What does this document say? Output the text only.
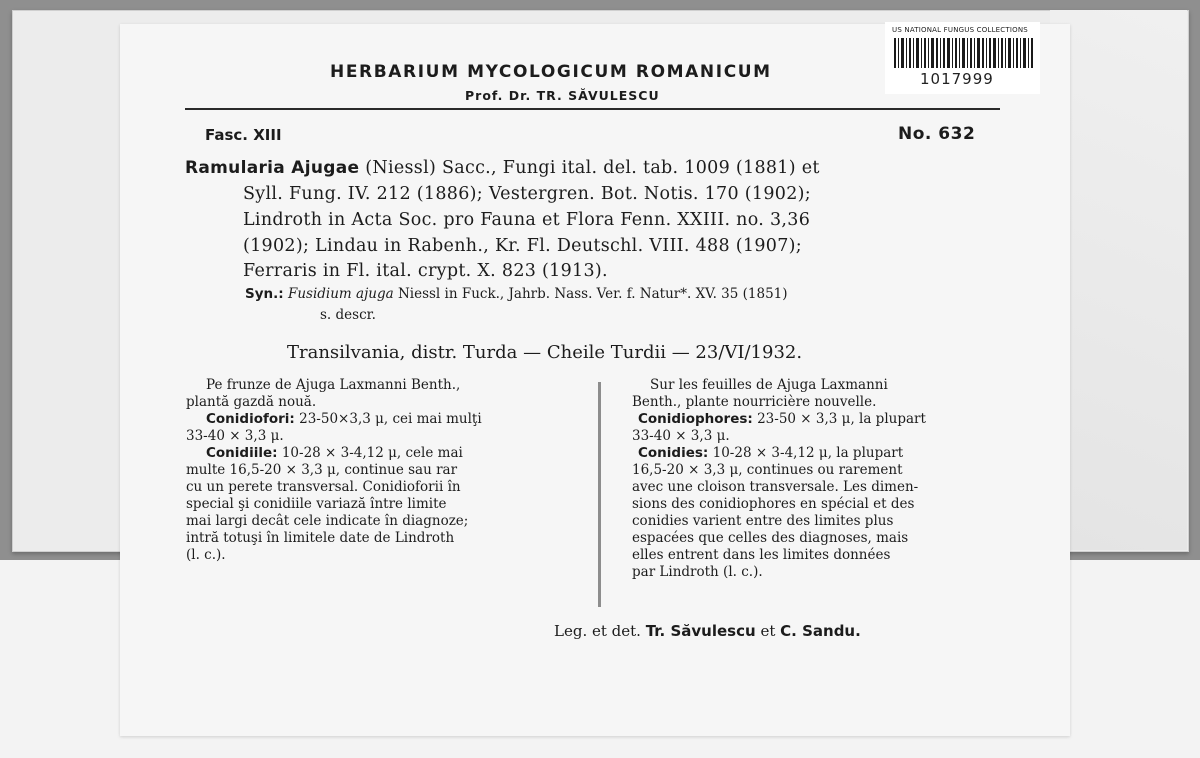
US NATIONAL FUNGUS COLLECTIONS
1017999
HERBARIUM MYCOLOGICUM ROMANICUM
Prof. Dr. TR. SĂVULESCU
Fasc. XIII	No. 632
Ramularia Ajugae (Niessl) Sacc., Fungi ital. del. tab. 1009 (1881) et
Syll. Fung. IV. 212 (1886); Vestergren. Bot. Notis. 170 (1902);
Lindroth in Acta Soc. pro Fauna et Flora Fenn. XXIII. no. 3,36
(1902); Lindau in Rabenh., Kr. Fl. Deutschl. VIII. 488 (1907);
Ferraris in Fl. ital. crypt. X. 823 (1913).
Syn.: Fusidium ajuga Niessl in Fuck., Jahrb. Nass. Ver. f. Natur*. XV. 35 (1851)
s. descr.
Transilvania, distr. Turda — Cheile Turdii — 23/VI/1932.

Pe frunze de Ajuga Laxmanni Benth.,

plantă gazdă nouă.

Conidiofori: 23-50×3,3 μ, cei mai mulţi

33-40 × 3,3 μ.

Conidiile: 10-28 × 3-4,12 μ, cele mai

multe 16,5-20 × 3,3 μ, continue sau rar

cu un perete transversal. Conidioforii în

special şi conidiile variază între limite

mai largi decât cele indicate în diagnoze;

intră totuşi în limitele date de Lindroth

(l. c.).

Sur les feuilles de Ajuga Laxmanni

Benth., plante nourricière nouvelle.

Conidiophores: 23-50 × 3,3 μ, la plupart

33-40 × 3,3 μ.

Conidies: 10-28 × 3-4,12 μ, la plupart

16,5-20 × 3,3 μ, continues ou rarement

avec une cloison transversale. Les dimen-

sions des conidiophores en spécial et des

conidies varient entre des limites plus

espacées que celles des diagnoses, mais

elles entrent dans les limites données

par Lindroth (l. c.).

Leg. et det. Tr. Săvulescu et C. Sandu.
